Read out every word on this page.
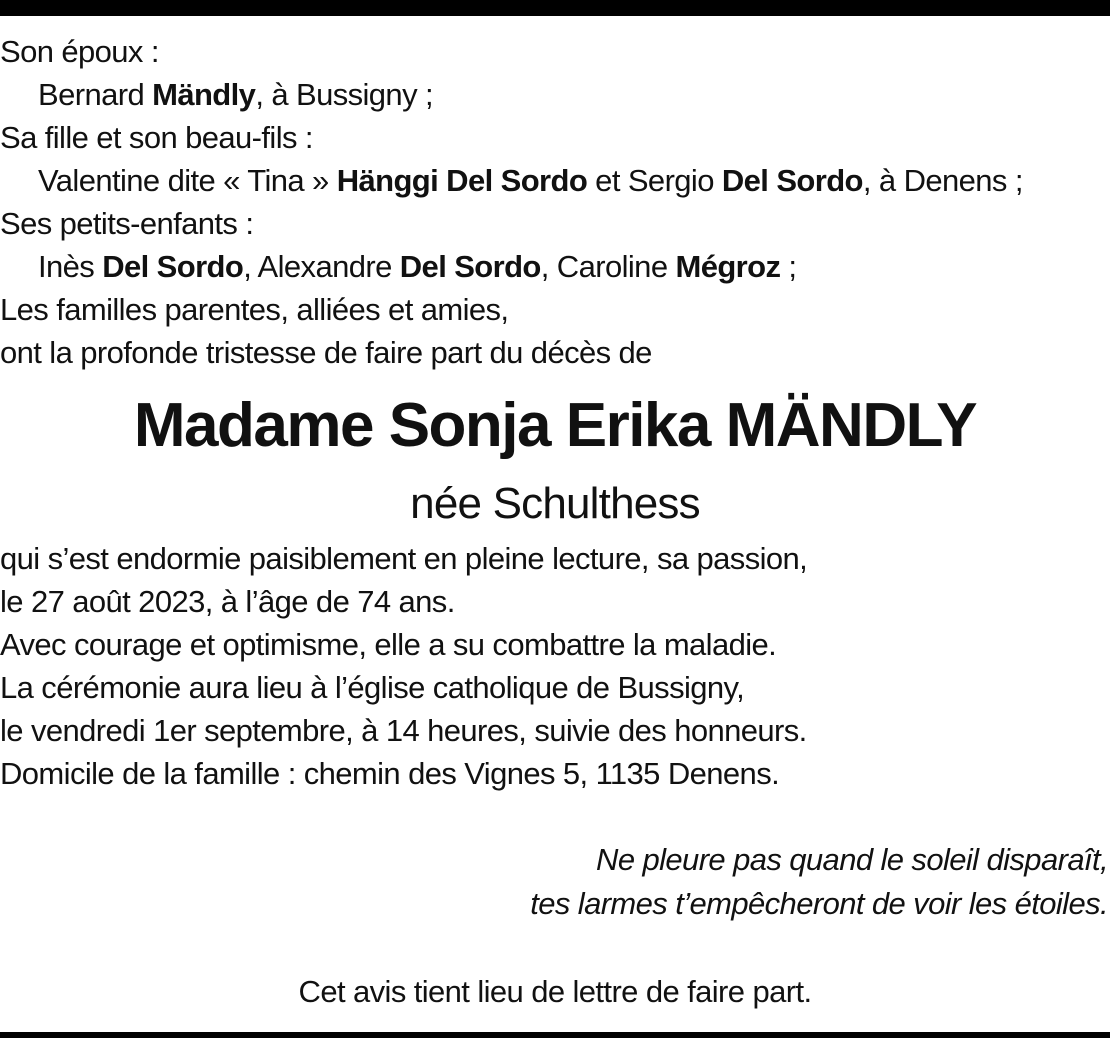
Son époux :
Bernard Mändly, à Bussigny ;
Sa fille et son beau-fils :
Valentine dite « Tina » Hänggi Del Sordo et Sergio Del Sordo, à Denens ;
Ses petits-enfants :
Inès Del Sordo, Alexandre Del Sordo, Caroline Mégroz ;
Les familles parentes, alliées et amies,
ont la profonde tristesse de faire part du décès de
Madame Sonja Erika MÄNDLY
née Schulthess
qui s’est endormie paisiblement en pleine lecture, sa passion,
le 27 août 2023, à l’âge de 74 ans.
Avec courage et optimisme, elle a su combattre la maladie.
La cérémonie aura lieu à l’église catholique de Bussigny,
le vendredi 1er septembre, à 14 heures, suivie des honneurs.
Domicile de la famille : chemin des Vignes 5, 1135 Denens.
Ne pleure pas quand le soleil disparaît,
tes larmes t’empêcheront de voir les étoiles.
Cet avis tient lieu de lettre de faire part.
